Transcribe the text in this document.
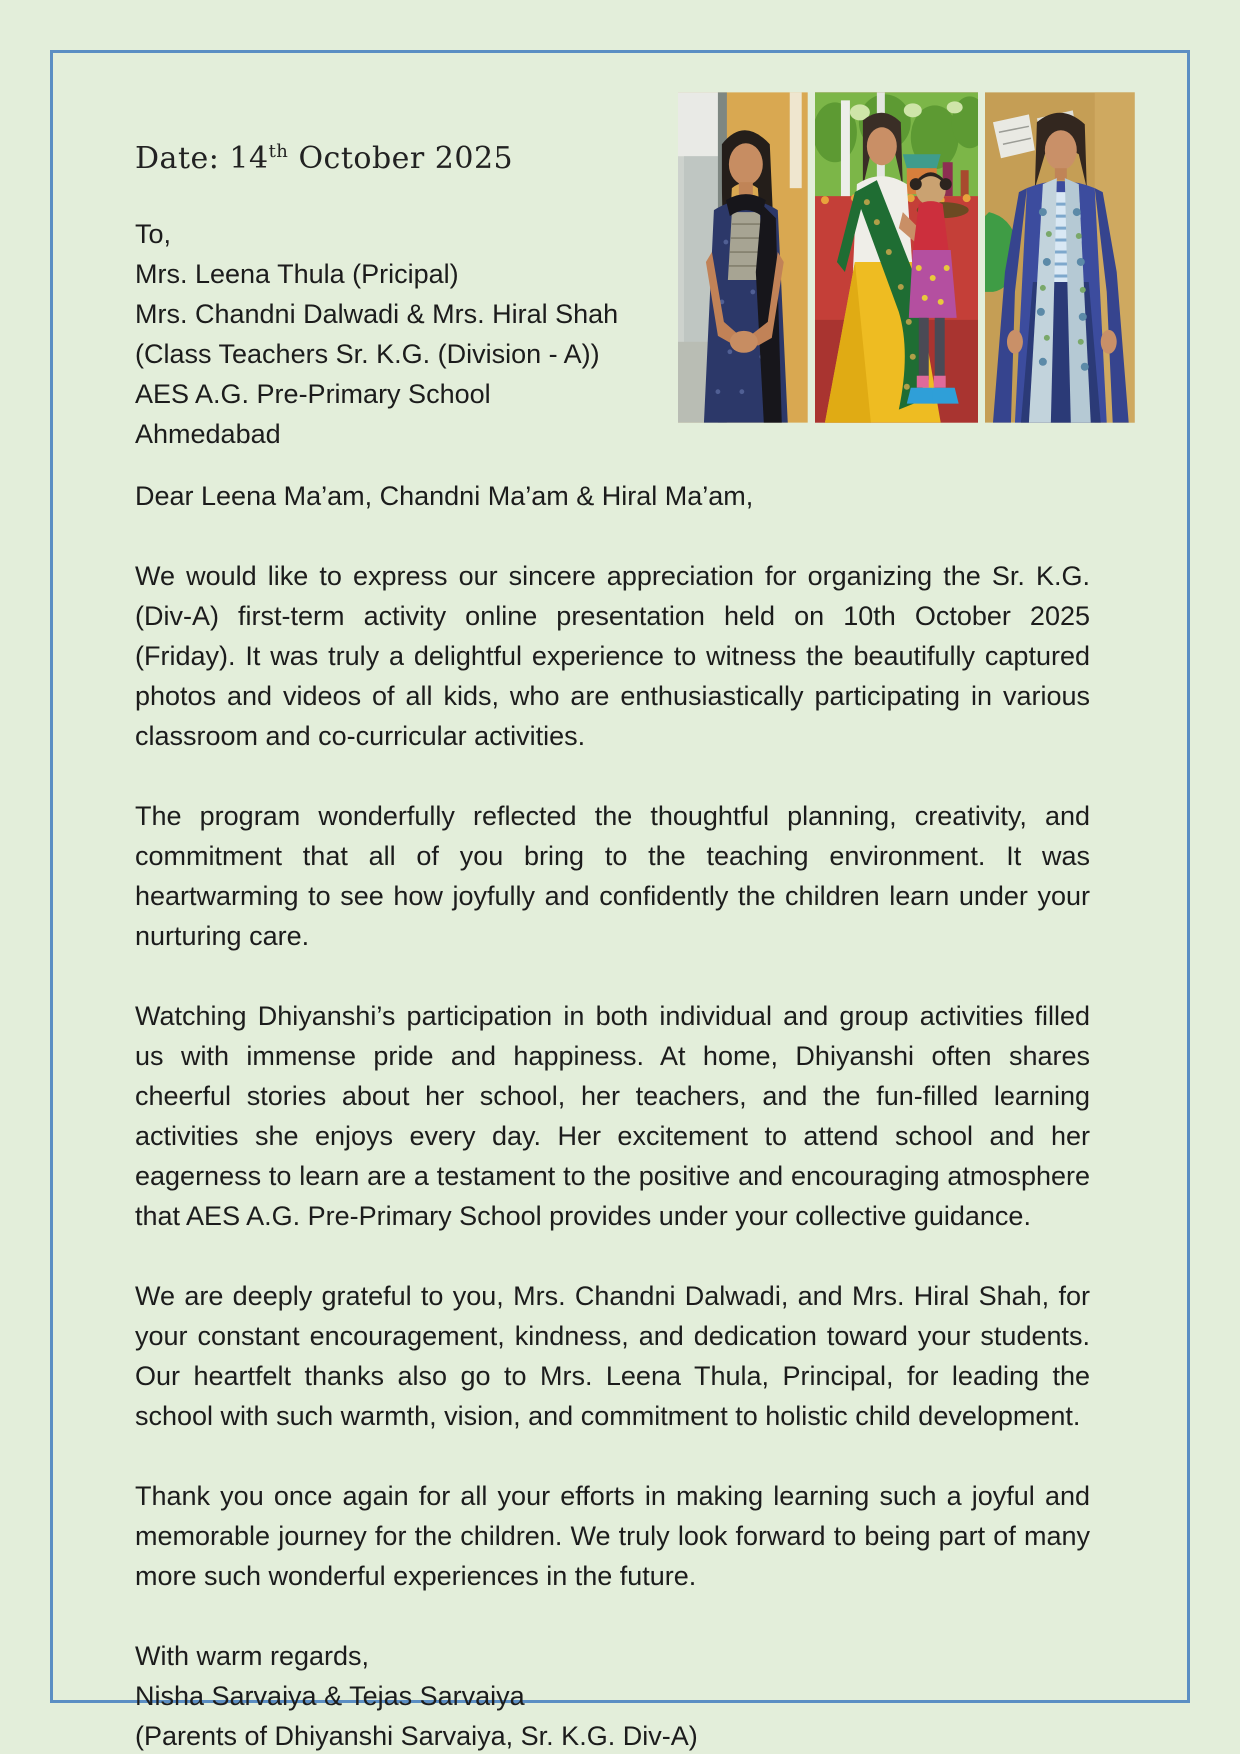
Date: 14th October 2025
To,
Mrs. Leena Thula (Pricipal)
Mrs. Chandni Dalwadi & Mrs. Hiral Shah
(Class Teachers Sr. K.G. (Division - A))
AES A.G. Pre-Primary School
Ahmedabad

Dear Leena Ma’am, Chandni Ma’am & Hiral Ma’am,

We would like to express our sincere appreciation for organizing the Sr. K.G. (Div-A) first-term activity online presentation held on 10th October 2025 (Friday). It was truly a delightful experience to witness the beautifully captured photos and videos of all kids, who are enthusiastically participating in various classroom and co-curricular activities.

The program wonderfully reflected the thoughtful planning, creativity, and commitment that all of you bring to the teaching environment. It was heartwarming to see how joyfully and confidently the children learn under your nurturing care.

Watching Dhiyanshi’s participation in both individual and group activities filled us with immense pride and happiness. At home, Dhiyanshi often shares cheerful stories about her school, her teachers, and the fun-filled learning activities she enjoys every day. Her excitement to attend school and her eagerness to learn are a testament to the positive and encouraging atmosphere that AES A.G. Pre-Primary School provides under your collective guidance.

We are deeply grateful to you, Mrs. Chandni Dalwadi, and Mrs. Hiral Shah, for your constant encouragement, kindness, and dedication toward your students. Our heartfelt thanks also go to Mrs. Leena Thula, Principal, for leading the school with such warmth, vision, and commitment to holistic child development.

Thank you once again for all your efforts in making learning such a joyful and memorable journey for the children. We truly look forward to being part of many more such wonderful experiences in the future.

With warm regards,
Nisha Sarvaiya & Tejas Sarvaiya
(Parents of Dhiyanshi Sarvaiya, Sr. K.G. Div-A)
